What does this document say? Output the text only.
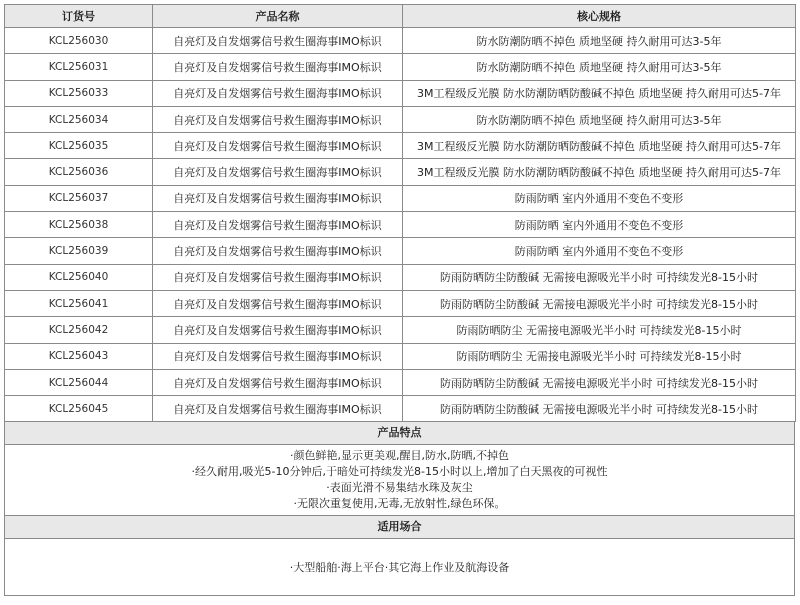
订货号	产品名称	核心规格
KCL256030	自亮灯及自发烟雾信号救生圈海事IMO标识	防水防潮防晒不掉色 质地坚硬 持久耐用可达3-5年
KCL256031	自亮灯及自发烟雾信号救生圈海事IMO标识	防水防潮防晒不掉色 质地坚硬 持久耐用可达3-5年
KCL256033	自亮灯及自发烟雾信号救生圈海事IMO标识	3M工程级反光膜 防水防潮防晒防酸碱不掉色 质地坚硬 持久耐用可达5-7年
KCL256034	自亮灯及自发烟雾信号救生圈海事IMO标识	防水防潮防晒不掉色 质地坚硬 持久耐用可达3-5年
KCL256035	自亮灯及自发烟雾信号救生圈海事IMO标识	3M工程级反光膜 防水防潮防晒防酸碱不掉色 质地坚硬 持久耐用可达5-7年
KCL256036	自亮灯及自发烟雾信号救生圈海事IMO标识	3M工程级反光膜 防水防潮防晒防酸碱不掉色 质地坚硬 持久耐用可达5-7年
KCL256037	自亮灯及自发烟雾信号救生圈海事IMO标识	防雨防晒 室内外通用不变色不变形
KCL256038	自亮灯及自发烟雾信号救生圈海事IMO标识	防雨防晒 室内外通用不变色不变形
KCL256039	自亮灯及自发烟雾信号救生圈海事IMO标识	防雨防晒 室内外通用不变色不变形
KCL256040	自亮灯及自发烟雾信号救生圈海事IMO标识	防雨防晒防尘防酸碱 无需接电源吸光半小时 可持续发光8-15小时
KCL256041	自亮灯及自发烟雾信号救生圈海事IMO标识	防雨防晒防尘防酸碱 无需接电源吸光半小时 可持续发光8-15小时
KCL256042	自亮灯及自发烟雾信号救生圈海事IMO标识	防雨防晒防尘 无需接电源吸光半小时 可持续发光8-15小时
KCL256043	自亮灯及自发烟雾信号救生圈海事IMO标识	防雨防晒防尘 无需接电源吸光半小时 可持续发光8-15小时
KCL256044	自亮灯及自发烟雾信号救生圈海事IMO标识	防雨防晒防尘防酸碱 无需接电源吸光半小时 可持续发光8-15小时
KCL256045	自亮灯及自发烟雾信号救生圈海事IMO标识	防雨防晒防尘防酸碱 无需接电源吸光半小时 可持续发光8-15小时
产品特点
·颜色鲜艳,显示更美观,醒目,防水,防晒,不掉色
·经久耐用,吸光5-10分钟后,于暗处可持续发光8-15小时以上,增加了白天黑夜的可视性
·表面光滑不易集结水珠及灰尘
·无限次重复使用,无毒,无放射性,绿色环保。
适用场合
·大型船舶·海上平台·其它海上作业及航海设备
